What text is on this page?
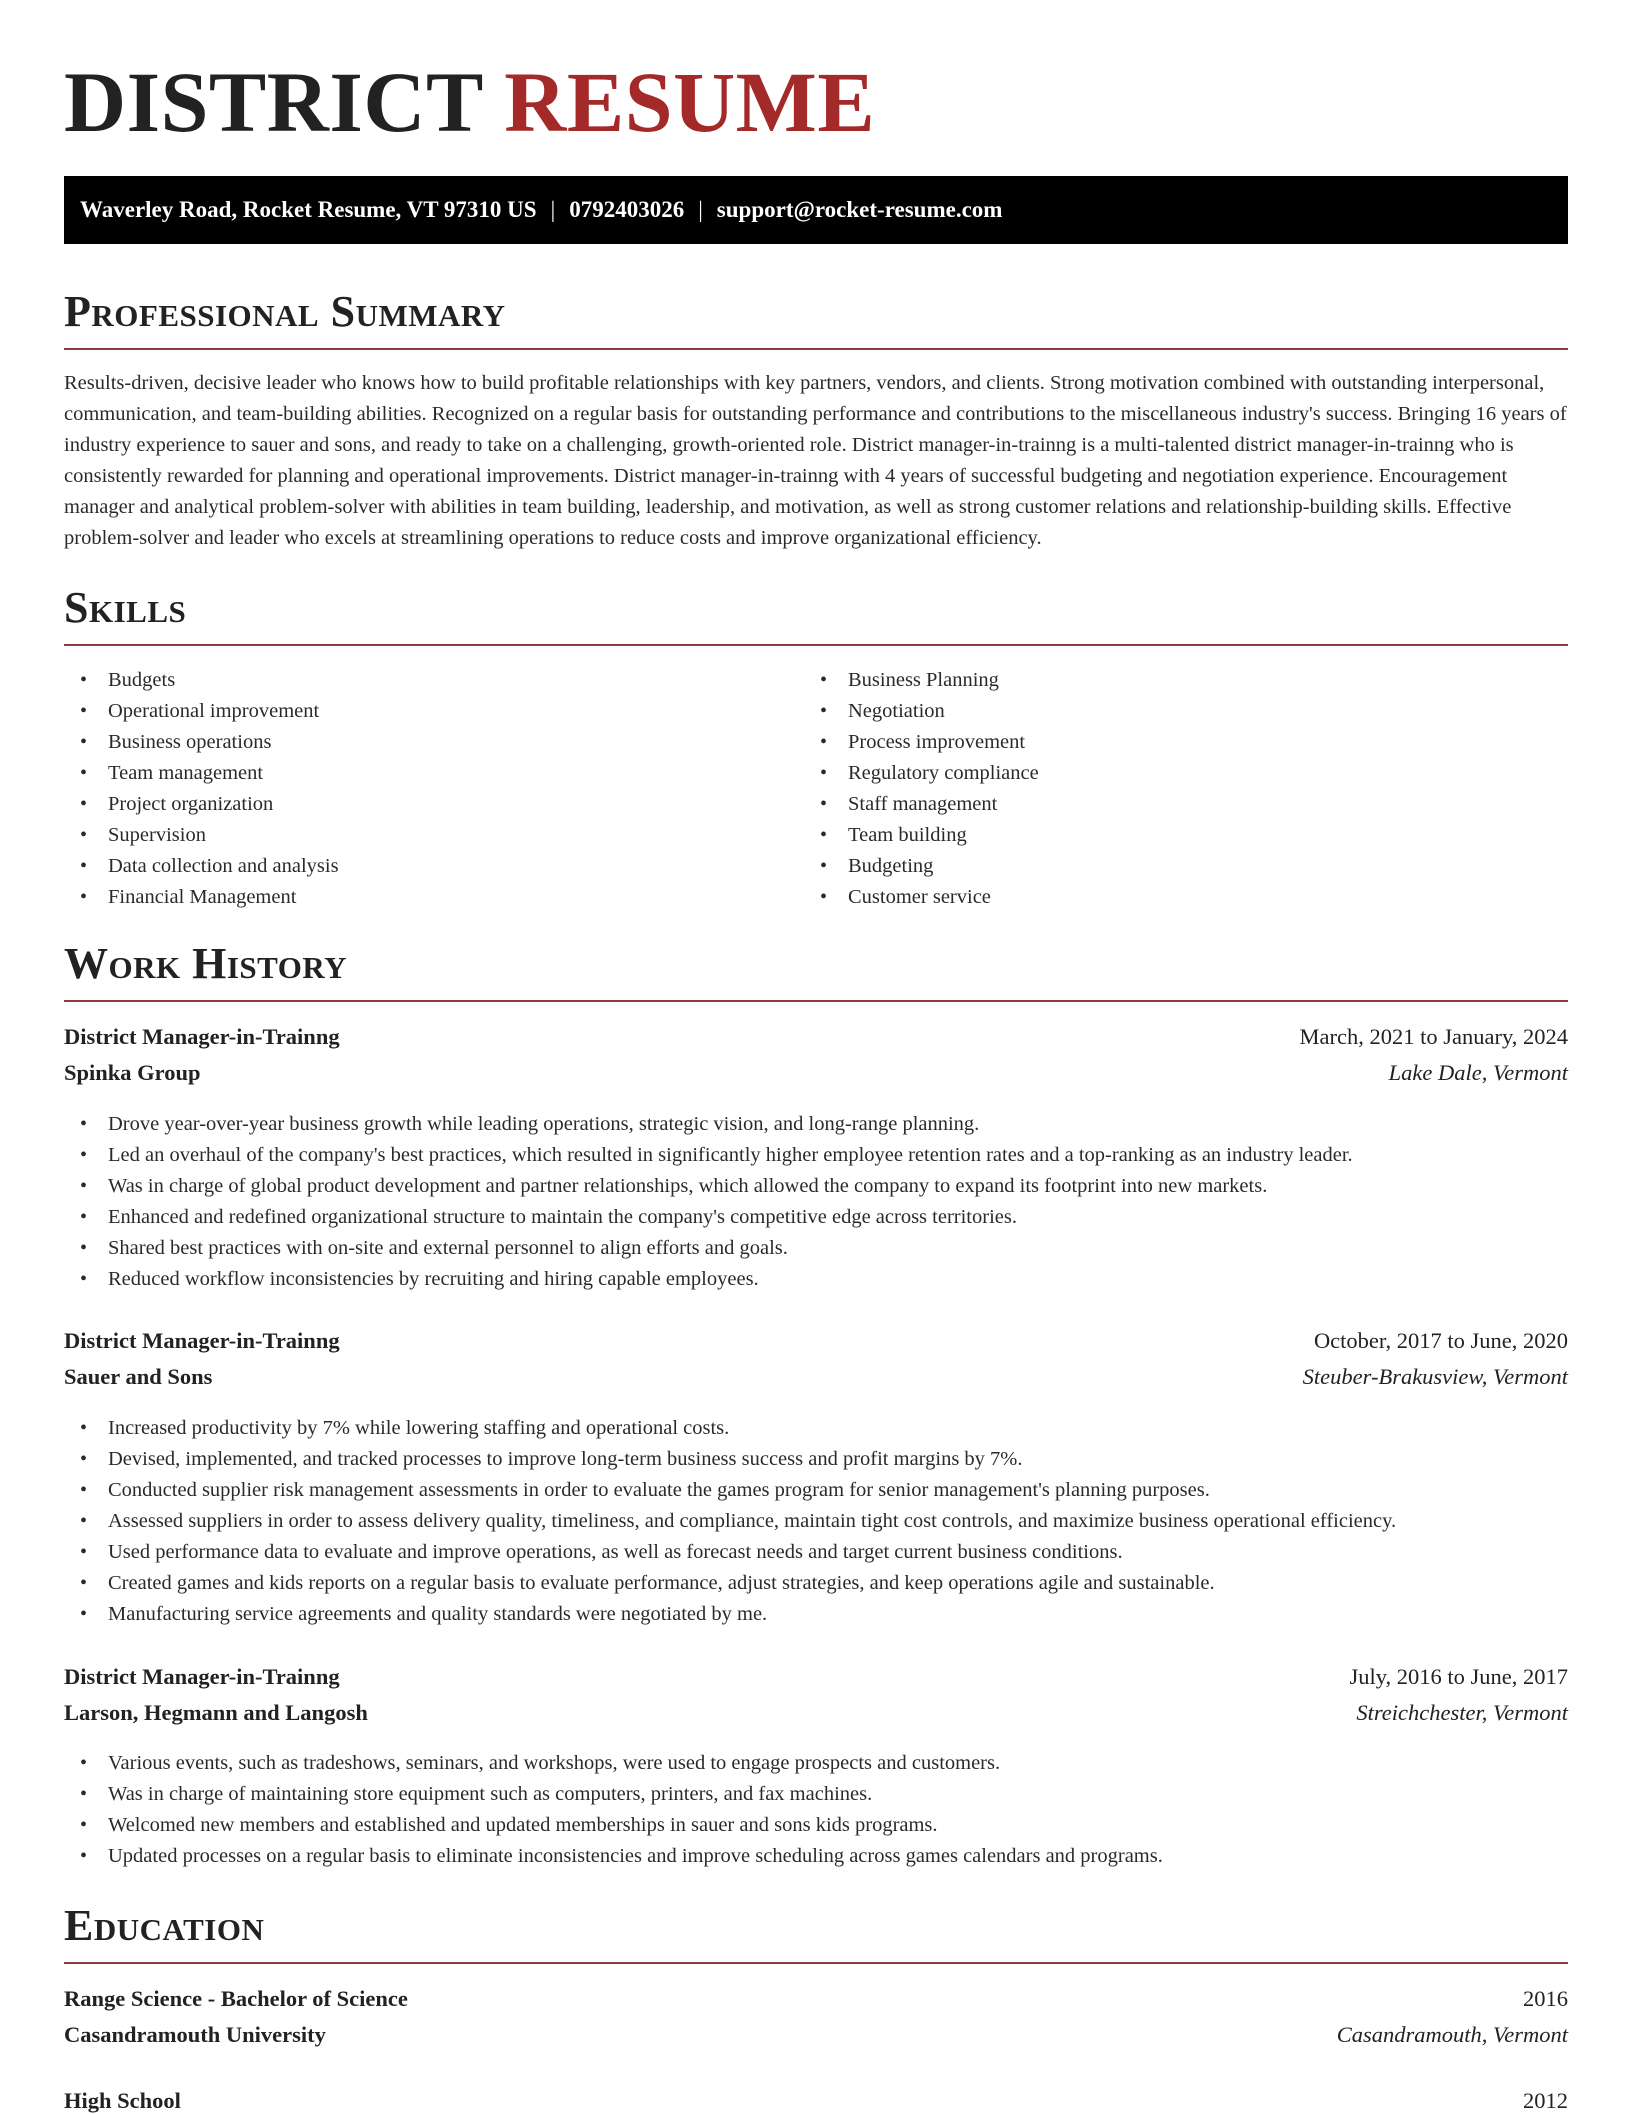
DISTRICT RESUME
Waverley Road, Rocket Resume, VT 97310 US | 0792403026 | support@rocket-resume.com
Professional Summary

Results-driven, decisive leader who knows how to build profitable relationships with key partners, vendors, and clients. Strong motivation combined with outstanding interpersonal, communication, and team-building abilities. Recognized on a regular basis for outstanding performance and contributions to the miscellaneous industry's success. Bringing 16 years of industry experience to sauer and sons, and ready to take on a challenging, growth-oriented role. District manager-in-trainng is a multi-talented district manager-in-trainng who is consistently rewarded for planning and operational improvements. District manager-in-trainng with 4 years of successful budgeting and negotiation experience. Encouragement manager and analytical problem-solver with abilities in team building, leadership, and motivation, as well as strong customer relations and relationship-building skills. Effective problem-solver and leader who excels at streamlining operations to reduce costs and improve organizational efficiency.

Skills
• Budgets
• Operational improvement
• Business operations
• Team management
• Project organization
• Supervision
• Data collection and analysis
• Financial Management
• Business Planning
• Negotiation
• Process improvement
• Regulatory compliance
• Staff management
• Team building
• Budgeting
• Customer service
Work History
District Manager-in-Trainng	March, 2021 to January, 2024
Spinka Group	Lake Dale, Vermont
• Drove year-over-year business growth while leading operations, strategic vision, and long-range planning.
• Led an overhaul of the company's best practices, which resulted in significantly higher employee retention rates and a top-ranking as an industry leader.
• Was in charge of global product development and partner relationships, which allowed the company to expand its footprint into new markets.
• Enhanced and redefined organizational structure to maintain the company's competitive edge across territories.
• Shared best practices with on-site and external personnel to align efforts and goals.
• Reduced workflow inconsistencies by recruiting and hiring capable employees.
District Manager-in-Trainng	October, 2017 to June, 2020
Sauer and Sons	Steuber-Brakusview, Vermont
• Increased productivity by 7% while lowering staffing and operational costs.
• Devised, implemented, and tracked processes to improve long-term business success and profit margins by 7%.
• Conducted supplier risk management assessments in order to evaluate the games program for senior management's planning purposes.
• Assessed suppliers in order to assess delivery quality, timeliness, and compliance, maintain tight cost controls, and maximize business operational efficiency.
• Used performance data to evaluate and improve operations, as well as forecast needs and target current business conditions.
• Created games and kids reports on a regular basis to evaluate performance, adjust strategies, and keep operations agile and sustainable.
• Manufacturing service agreements and quality standards were negotiated by me.
District Manager-in-Trainng	July, 2016 to June, 2017
Larson, Hegmann and Langosh	Streichchester, Vermont
• Various events, such as tradeshows, seminars, and workshops, were used to engage prospects and customers.
• Was in charge of maintaining store equipment such as computers, printers, and fax machines.
• Welcomed new members and established and updated memberships in sauer and sons kids programs.
• Updated processes on a regular basis to eliminate inconsistencies and improve scheduling across games calendars and programs.
Education
Range Science - Bachelor of Science	2016
Casandramouth University	Casandramouth, Vermont
High School	2012
